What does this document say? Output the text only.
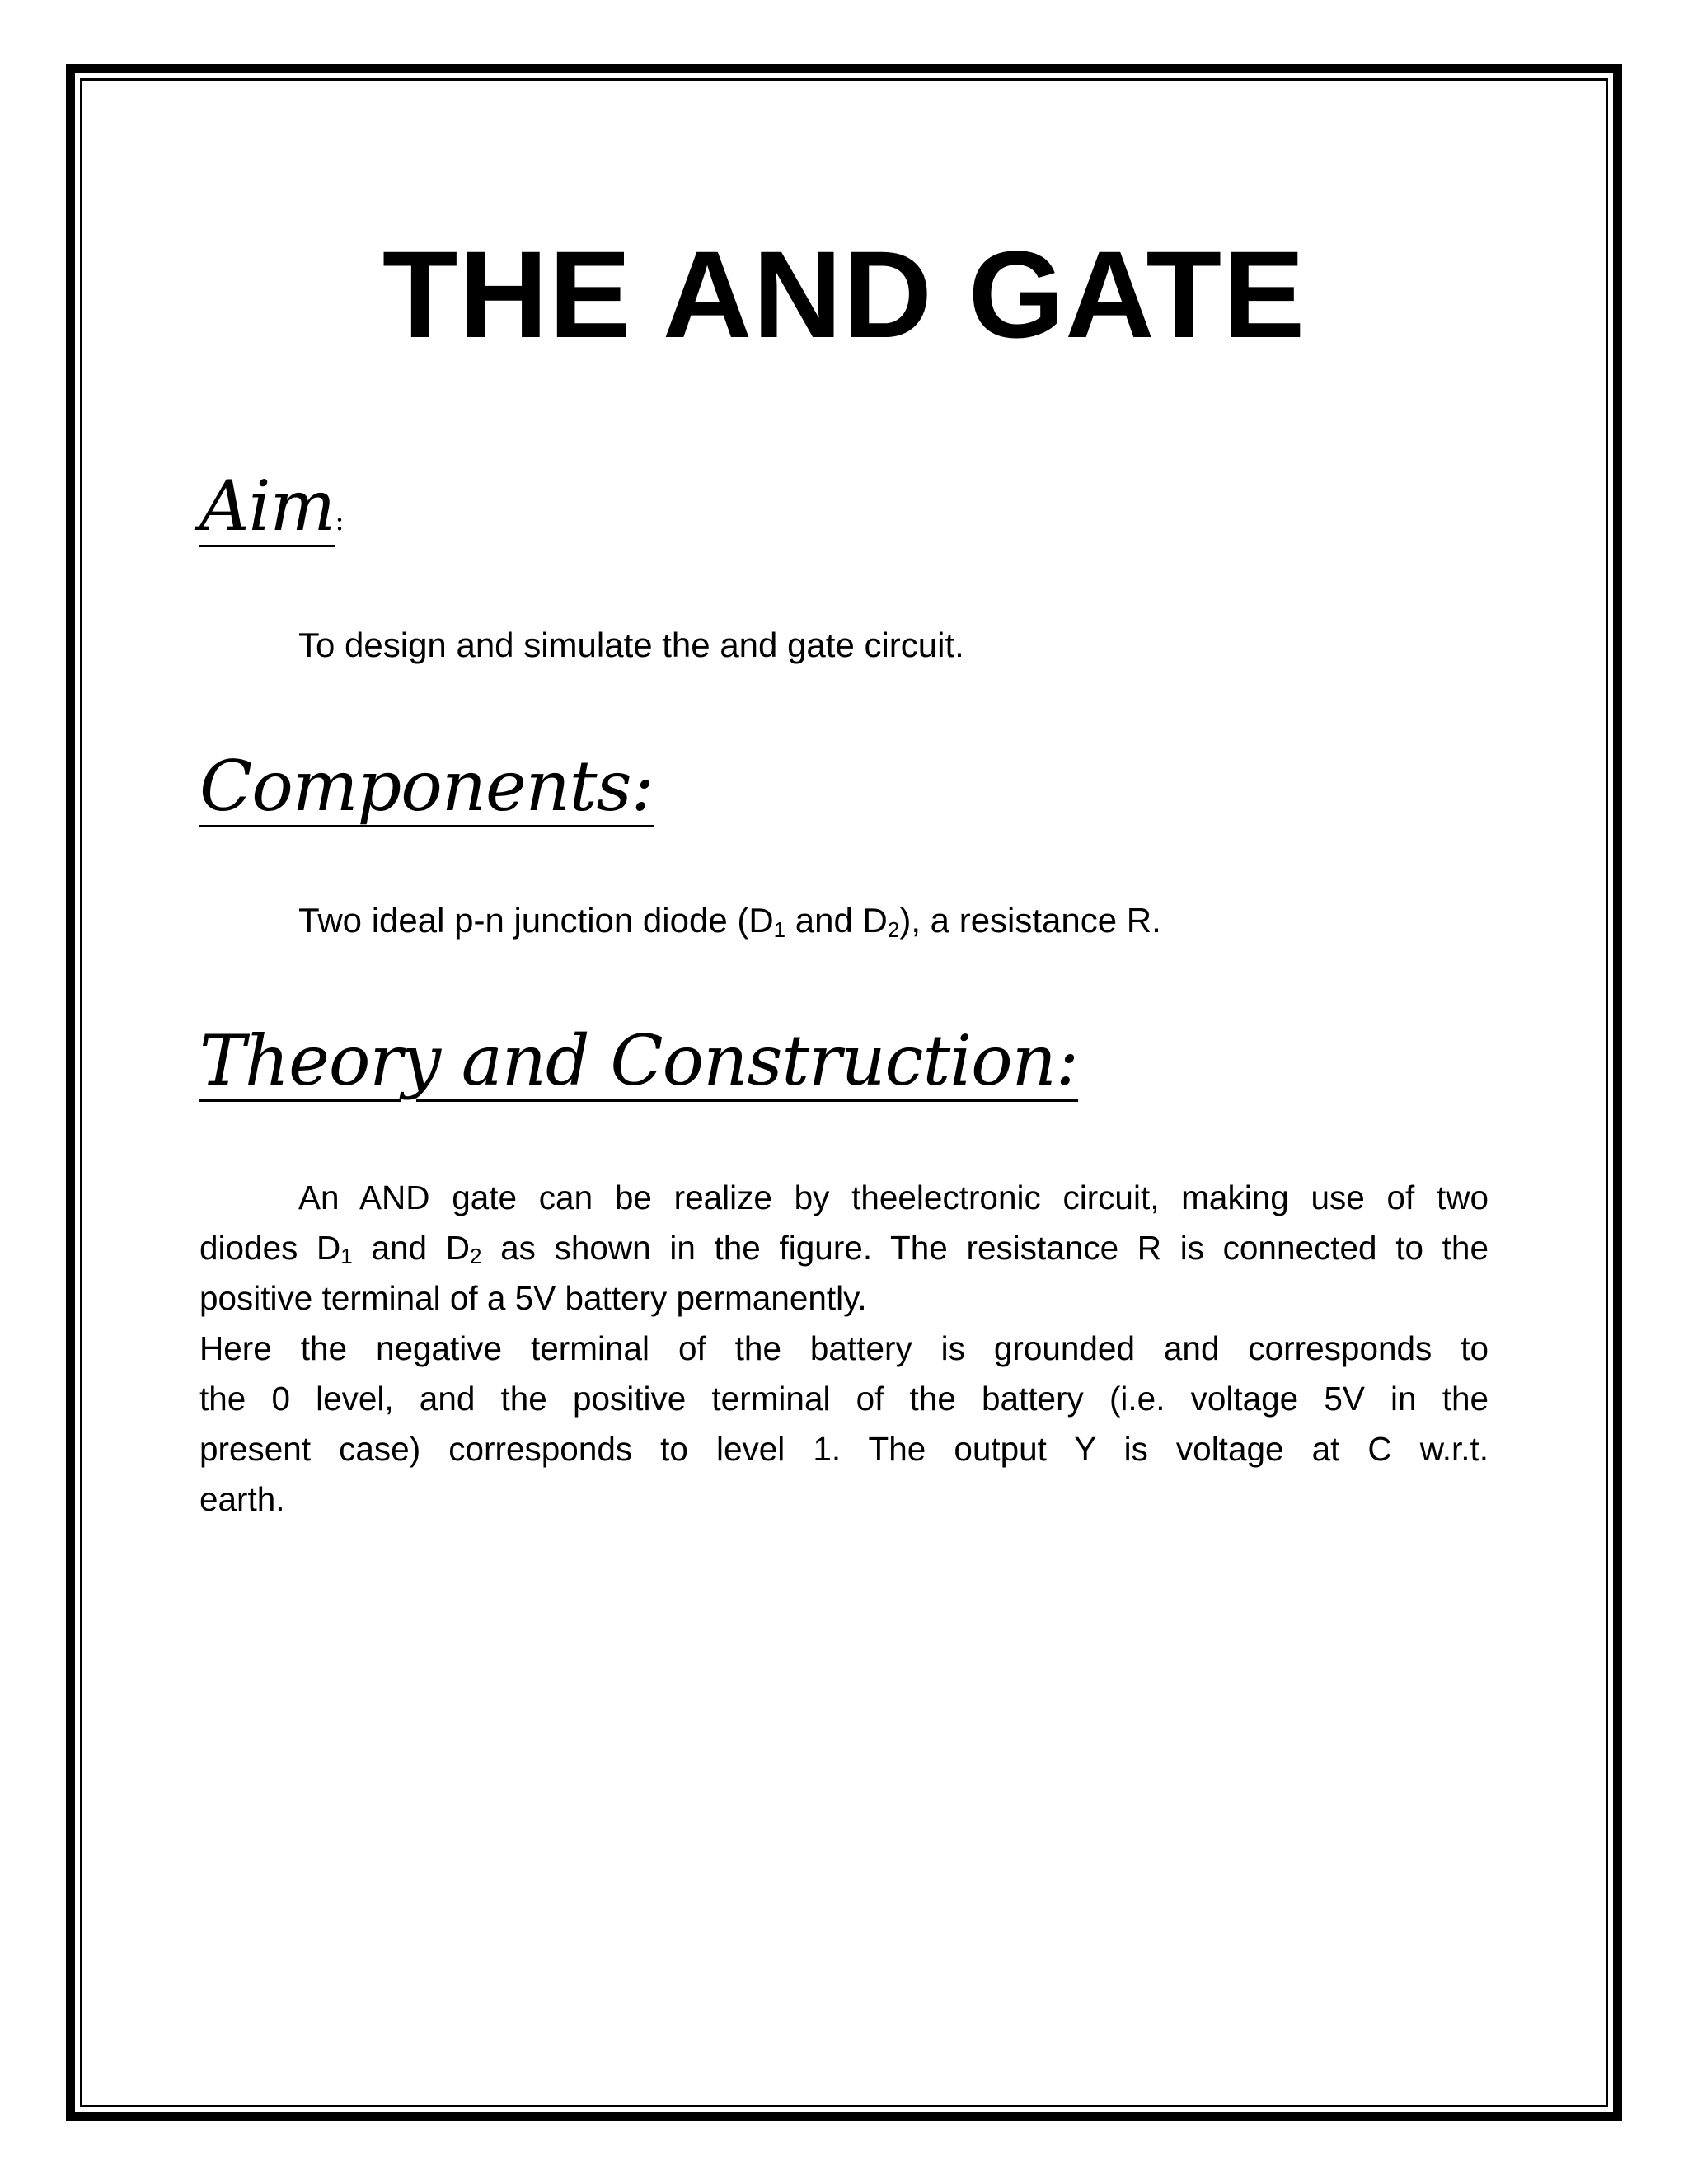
THE AND GATE
Aim:

To design and simulate the and gate circuit.

Components:

Two ideal p-n junction diode ($D_1$ and $D_2$), a resistance R.

Theory and Construction:
An AND gate can be realize by theelectronic circuit, making use of two
diodes $D_1$ and $D_2$ as shown in the figure. The resistance R is connected to the
positive terminal of a 5V battery permanently.
Here the negative terminal of the battery is grounded and corresponds to
the 0 level, and the positive terminal of the battery (i.e. voltage 5V in the
present case) corresponds to level 1. The output Y is voltage at C w.r.t.
earth.
